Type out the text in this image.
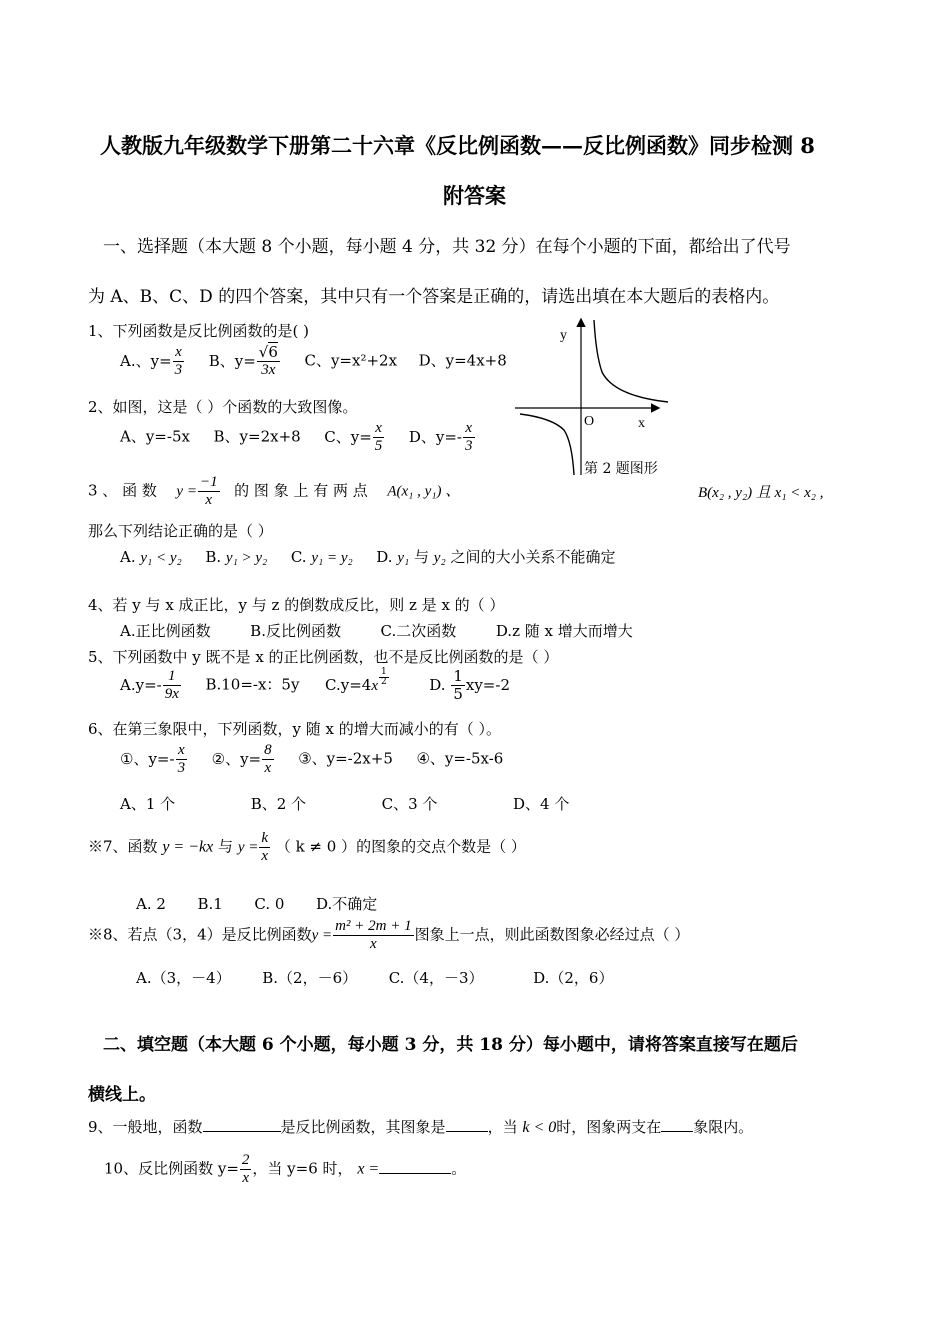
人教版九年级数学下册第二十六章《反比例函数——反比例函数》同步检测 8
附答案
一、选择题（本大题 8 个小题，每小题 4 分，共 32 分）在每个小题的下面，都给出了代号
为 A、B、C、D 的四个答案，其中只有一个答案是正确的，请选出填在本大题后的表格内。
1、下列函数是反比例函数的是( )
A.、$y= \frac{x}{3}$ B、$y= \frac{√6}{3x}$ C、y=x²+2x D、y=4x+8
2、如图，这是（ ）个函数的大致图像。
A、y=-5x B、y=2x+8 C、$y= \frac{x}{5}$ D、$y=- \frac{x}{3}$
y
O	x
第 2 题图形
3 、 函 数 $y = \frac{-1}{x}$ 的 图 象 上 有 两 点 A(x₁ , y₁) 、	B(x₂ , y₂) 且 x₁ < x₂ ,
那么下列结论正确的是（ ）
A. y₁ < y₂ B. y₁ > y₂ C. y₁ = y₂ D. y₁ 与 y₂ 之间的大小关系不能确定
4、若 y 与 x 成正比，y 与 z 的倒数成反比，则 z 是 x 的（ ）
A.正比例函数	B.反比例函数	C.二次函数	D.z 随 x 增大而增大
5、下列函数中 y 既不是 x 的正比例函数，也不是反比例函数的是（ ）
$A.y=- \frac{1}{9x} B.10=-x$：5y $C.y=4x \frac{1}{2}$	D. $\frac{1}{5} xy=-2$
6、在第三象限中，下列函数，y 随 x 的增大而减小的有（ ）。
①、$y=- \frac{x}{3}$ ②、$y= \frac{8}{x}$ ③、y=-2x+5 ④、y=-5x-6
A、1 个	B、2 个	C、3 个	D、4 个
※7、函数 y = −kx 与 $y = \frac{k}{x}$ （ k ≠ 0 ）的图象的交点个数是（ ）
A. 2 B.1 C. 0 D.不确定
※8、若点（3，4）是反比例函数$y = \frac{\text{m² + 2m + 1}}{x}$ 图象上一点，则此函数图象必经过点（ ）
A.（3，－4） B.（2，－6） C.（4，－3）	D.（2，6）
二、填空题（本大题 6 个小题，每小题 3 分，共 18 分）每小题中，请将答案直接写在题后
横线上。
9、一般地，函数	是反比例函数，其图象是	，当 k < 0时，图象两支在 象限内。
10、反比例函数 $y= \frac{2}{x}$ ，当 y=6 时， x =	。
